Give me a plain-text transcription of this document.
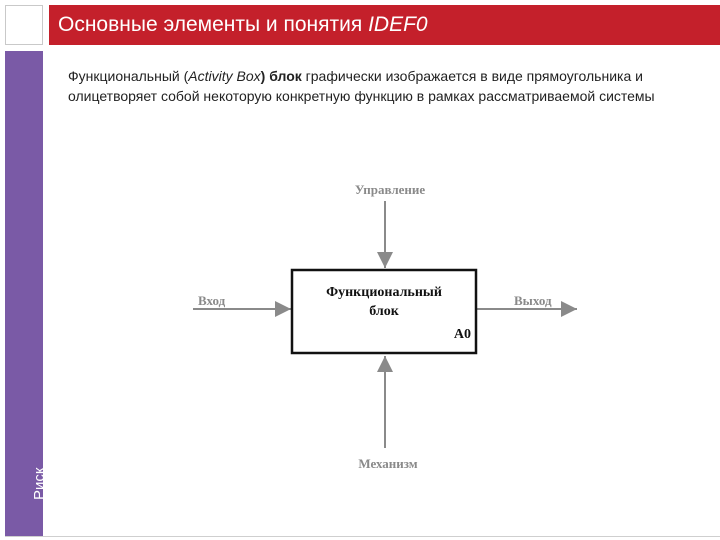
Основные элементы и понятия IDEF0
Риск
Функциональный (Activity Box) блок графически изображается в виде прямоугольника и олицетворяет собой некоторую конкретную функцию в рамках рассматриваемой системы
Функциональный
блок
A0
Управление
Вход	Выход
Механизм
